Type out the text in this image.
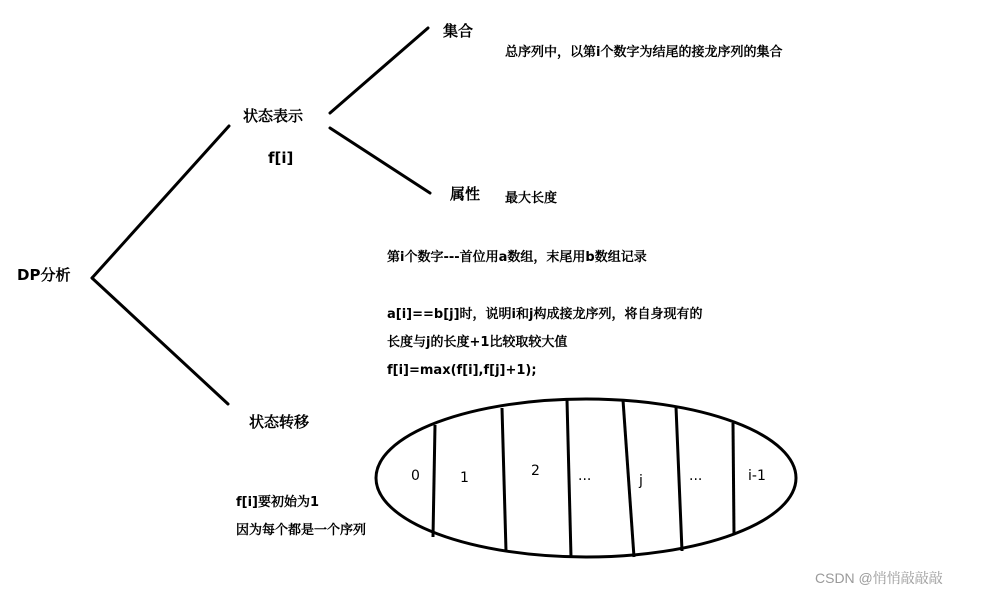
DP分析
状态表示
f[i]
集合
总序列中，以第i个数字为结尾的接龙序列的集合
属性 最大长度
状态转移
第i个数字---首位用a数组，末尾用b数组记录
a[i]==b[j]时，说明i和j构成接龙序列，将自身现有的
长度与j的长度+1比较取较大值
f[i]=max(f[i],f[j]+1);
f[i]要初始为1
因为每个都是一个序列
0	1	2	...	j	...	i-1
CSDN @悄悄敲敲敲
